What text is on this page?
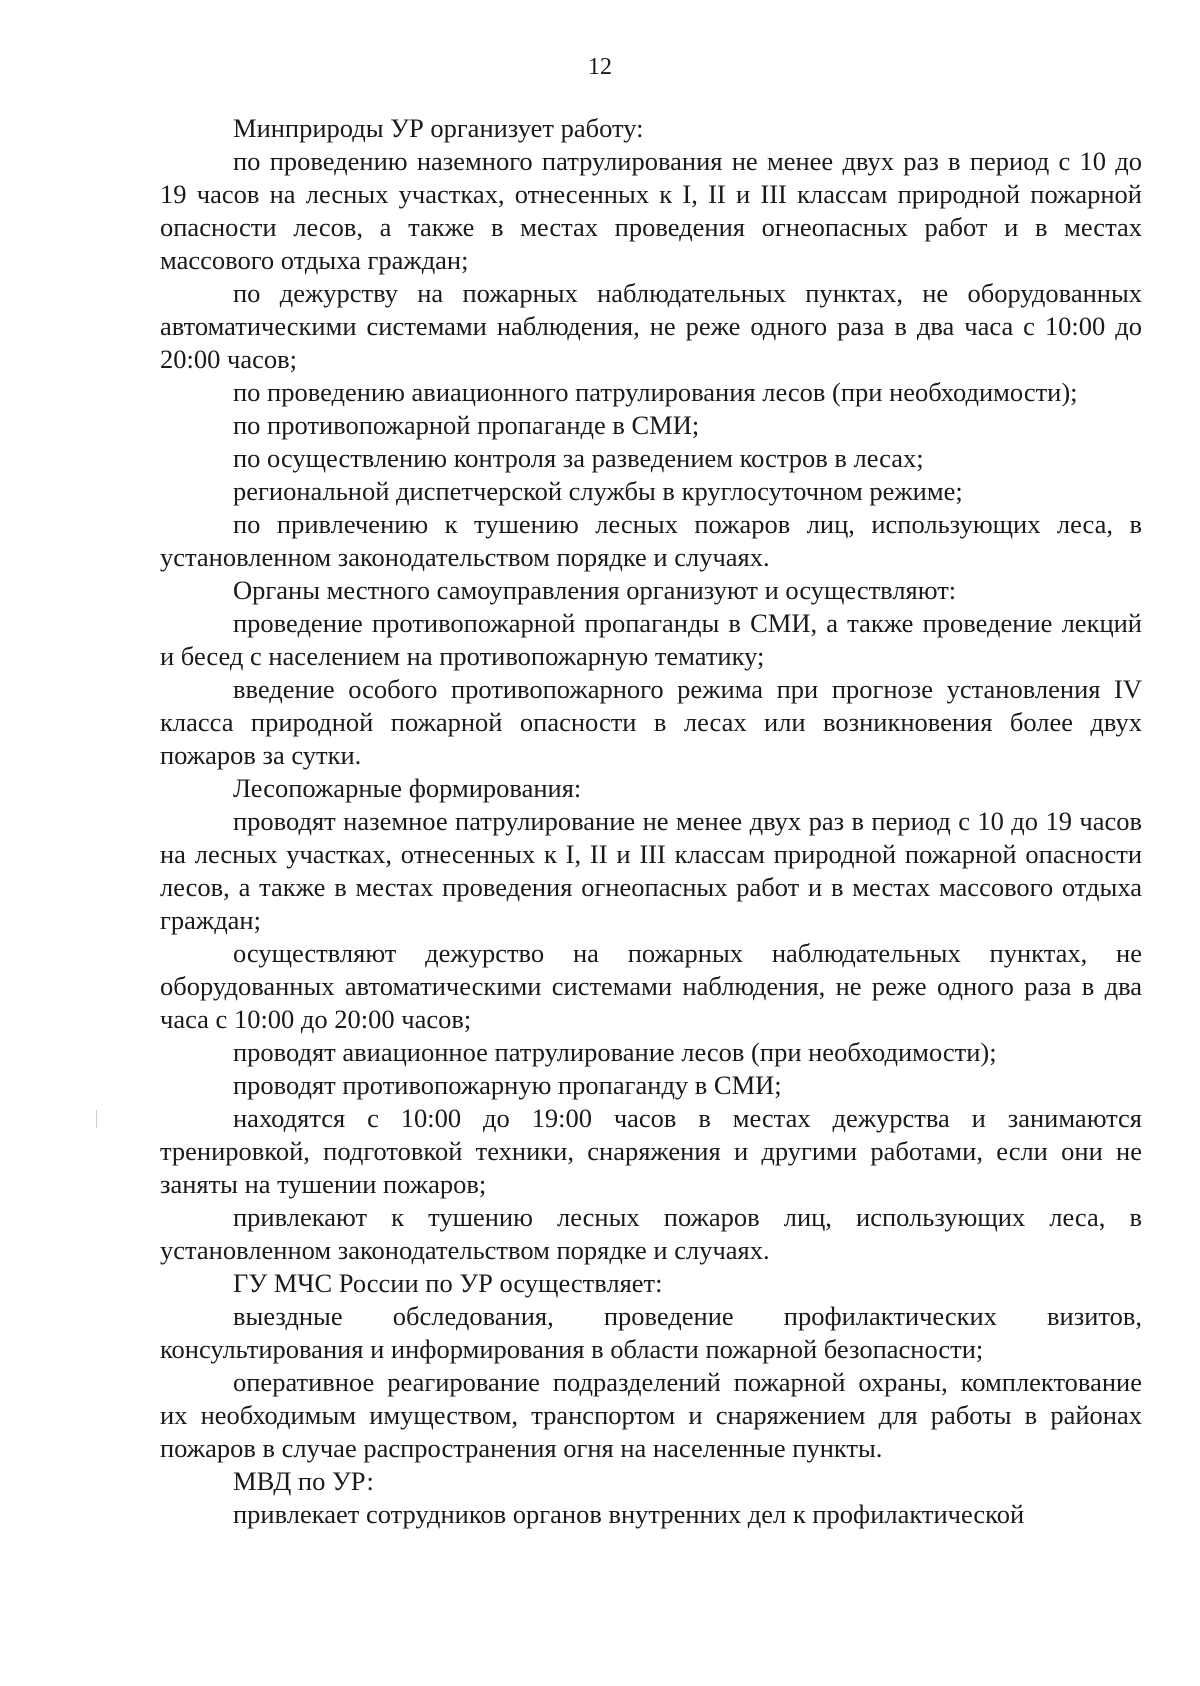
12

Минприроды УР организует работу:

по проведению наземного патрулирования не менее двух раз в период с 10 до 19 часов на лесных участках, отнесенных к I, II и III классам природной пожарной опасности лесов, а также в местах проведения огнеопасных работ и в местах массового отдыха граждан;

по дежурству на пожарных наблюдательных пунктах, не оборудованных автоматическими системами наблюдения, не реже одного раза в два часа с 10:00 до 20:00 часов;

по проведению авиационного патрулирования лесов (при необходимости);

по противопожарной пропаганде в СМИ;

по осуществлению контроля за разведением костров в лесах;

региональной диспетчерской службы в круглосуточном режиме;

по привлечению к тушению лесных пожаров лиц, использующих леса, в установленном законодательством порядке и случаях.

Органы местного самоуправления организуют и осуществляют:

проведение противопожарной пропаганды в СМИ, а также проведение лекций и бесед с населением на противопожарную тематику;

введение особого противопожарного режима при прогнозе установления IV класса природной пожарной опасности в лесах или возникновения более двух пожаров за сутки.

Лесопожарные формирования:

проводят наземное патрулирование не менее двух раз в период с 10 до 19 часов на лесных участках, отнесенных к I, II и III классам природной пожарной опасности лесов, а также в местах проведения огнеопасных работ и в местах массового отдыха граждан;

осуществляют дежурство на пожарных наблюдательных пунктах, не оборудованных автоматическими системами наблюдения, не реже одного раза в два часа с 10:00 до 20:00 часов;

проводят авиационное патрулирование лесов (при необходимости);

проводят противопожарную пропаганду в СМИ;

находятся с 10:00 до 19:00 часов в местах дежурства и занимаются тренировкой, подготовкой техники, снаряжения и другими работами, если они не заняты на тушении пожаров;

привлекают к тушению лесных пожаров лиц, использующих леса, в установленном законодательством порядке и случаях.

ГУ МЧС России по УР осуществляет:

выездные обследования, проведение профилактических визитов, консультирования и информирования в области пожарной безопасности;

оперативное реагирование подразделений пожарной охраны, комплектование их необходимым имуществом, транспортом и снаряжением для работы в районах пожаров в случае распространения огня на населенные пункты.

МВД по УР:

привлекает сотрудников органов внутренних дел к профилактической
